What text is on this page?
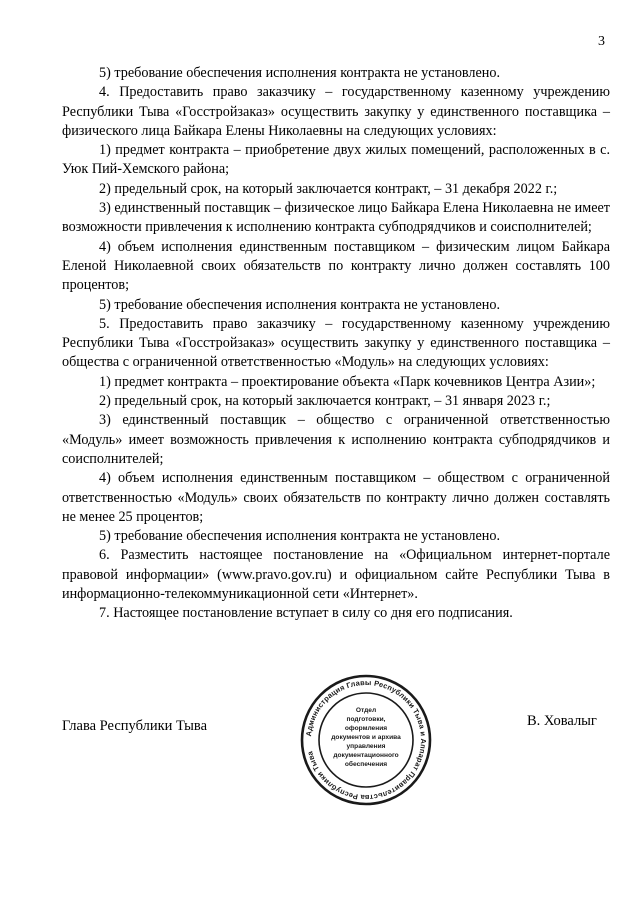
3

5) требование обеспечения исполнения контракта не установлено.

4. Предоставить право заказчику – государственному казенному учреждению Республики Тыва «Госстройзаказ» осуществить закупку у единственного поставщика – физического лица Байкара Елены Николаевны на следующих условиях:

1) предмет контракта – приобретение двух жилых помещений, расположенных в с. Уюк Пий-Хемского района;

2) предельный срок, на который заключается контракт, – 31 декабря 2022 г.;

3) единственный поставщик – физическое лицо Байкара Елена Николаевна не имеет возможности привлечения к исполнению контракта субподрядчиков и соисполнителей;

4) объем исполнения единственным поставщиком – физическим лицом Байкара Еленой Николаевной своих обязательств по контракту лично должен составлять 100 процентов;

5) требование обеспечения исполнения контракта не установлено.

5. Предоставить право заказчику – государственному казенному учреждению Республики Тыва «Госстройзаказ» осуществить закупку у единственного поставщика – общества с ограниченной ответственностью «Модуль» на следующих условиях:

1) предмет контракта – проектирование объекта «Парк кочевников Центра Азии»;

2) предельный срок, на который заключается контракт, – 31 января 2023 г.;

3) единственный поставщик – общество с ограниченной ответственностью «Модуль» имеет возможность привлечения к исполнению контракта субподрядчиков и соисполнителей;

4) объем исполнения единственным поставщиком – обществом с ограниченной ответственностью «Модуль» своих обязательств по контракту лично должен составлять не менее 25 процентов;

5) требование обеспечения исполнения контракта не установлено.

6. Разместить настоящее постановление на «Официальном интернет-портале правовой информации» (www.pravo.gov.ru) и официальном сайте Республики Тыва в информационно-телекоммуникационной сети «Интернет».

7. Настоящее постановление вступает в силу со дня его подписания.

Глава Республики Тыва	Администрация Главы Республики Тыва и Аппарат Правительства Республики Тыва
Отдел
подготовки,
оформления
документов и архива
управления
документационного
обеспечения
В. Ховалыг
